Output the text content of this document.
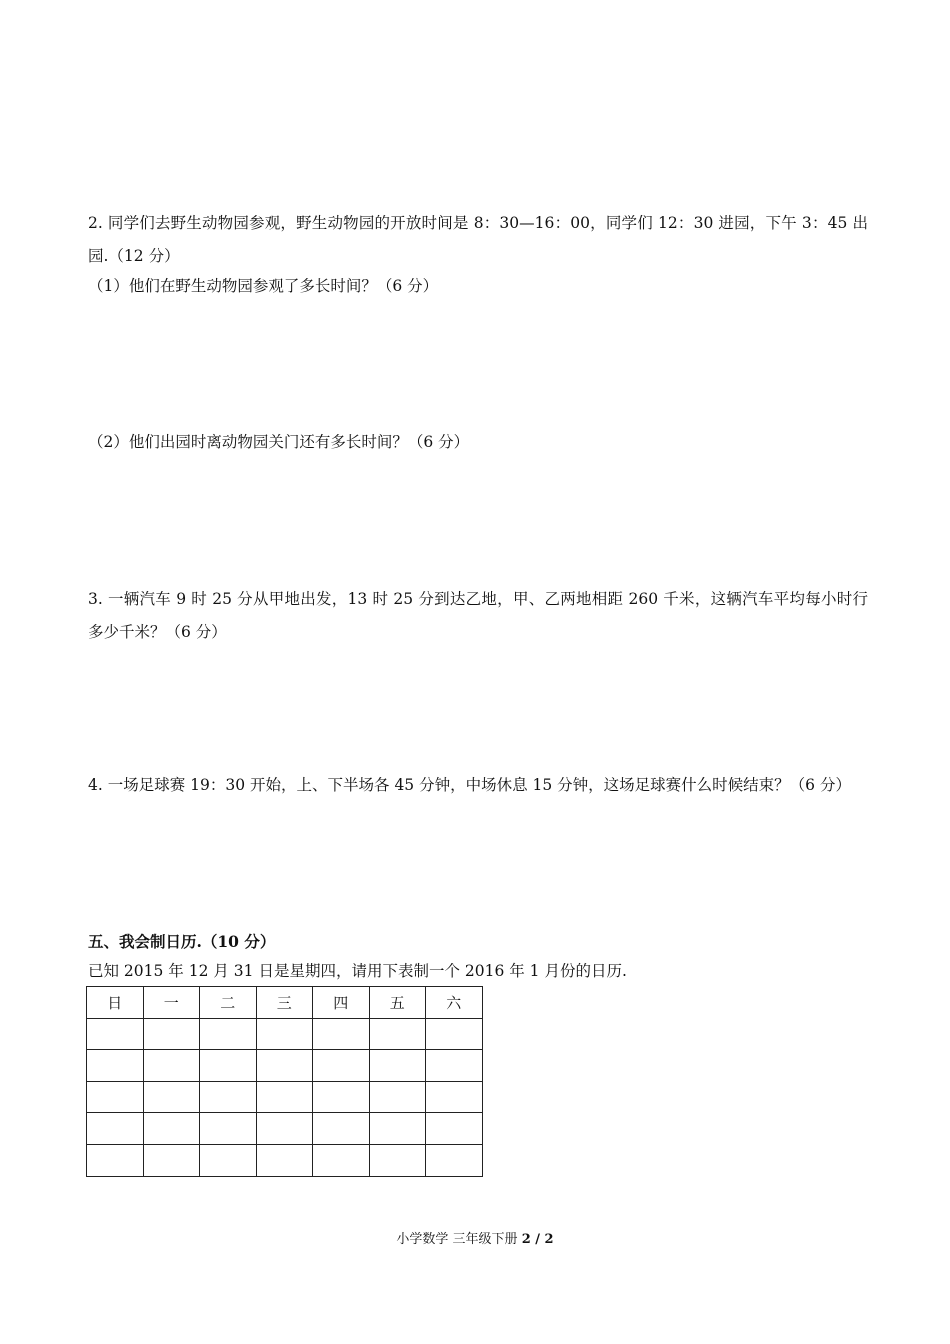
2. 同学们去野生动物园参观，野生动物园的开放时间是 8：30—16：00，同学们 12：30 进园，下午 3：45 出园.（12 分）
（1）他们在野生动物园参观了多长时间？（6 分）
（2）他们出园时离动物园关门还有多长时间？（6 分）
3. 一辆汽车 9 时 25 分从甲地出发，13 时 25 分到达乙地，甲、乙两地相距 260 千米，这辆汽车平均每小时行多少千米？（6 分）
4. 一场足球赛 19：30 开始，上、下半场各 45 分钟，中场休息 15 分钟，这场足球赛什么时候结束？（6 分）
五、我会制日历.（10 分）
已知 2015 年 12 月 31 日是星期四，请用下表制一个 2016 年 1 月份的日历.
日	一	二	三	四	五	六

小学数学 三年级下册 2 / 2
